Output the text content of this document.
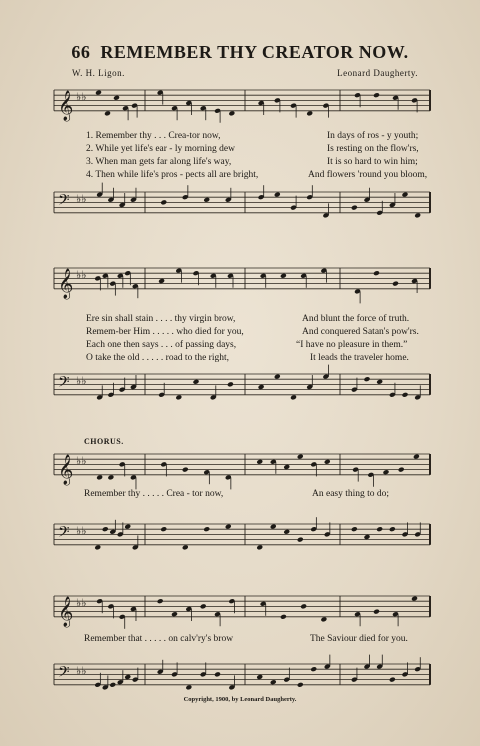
66 REMEMBER THY CREATOR NOW.
W. H. Ligon.	Leonard Daugherty.
𝄞 ♭♭
1. Remember thy . . . Crea-tor now,	In days of ros - y youth;
2. While yet life's ear - ly morning dew	Is resting on the flow'rs,
3. When man gets far along life's way,	It is so hard to win him;
4. Then while life's pros - pects all are bright,	And flowers 'round you bloom,
𝄢 ♭♭
𝄞 ♭♭
Ere sin shall stain . . . . thy virgin brow,	And blunt the force of truth.
Remem-ber Him . . . . . who died for you,	And conquered Satan's pow'rs.
Each one then says . . . of passing days,	“I have no pleasure in them.”
O take the old . . . . . road to the right,	It leads the traveler home.
𝄢 ♭♭
CHORUS.
𝄞 ♭♭
Remember thy . . . . . Crea - tor now,	An easy thing to do;
𝄢 ♭♭
𝄞 ♭♭
Remember that . . . . . on calv'ry's brow	The Saviour died for you.
𝄢 ♭♭
Copyright, 1900, by Leonard Daugherty.
